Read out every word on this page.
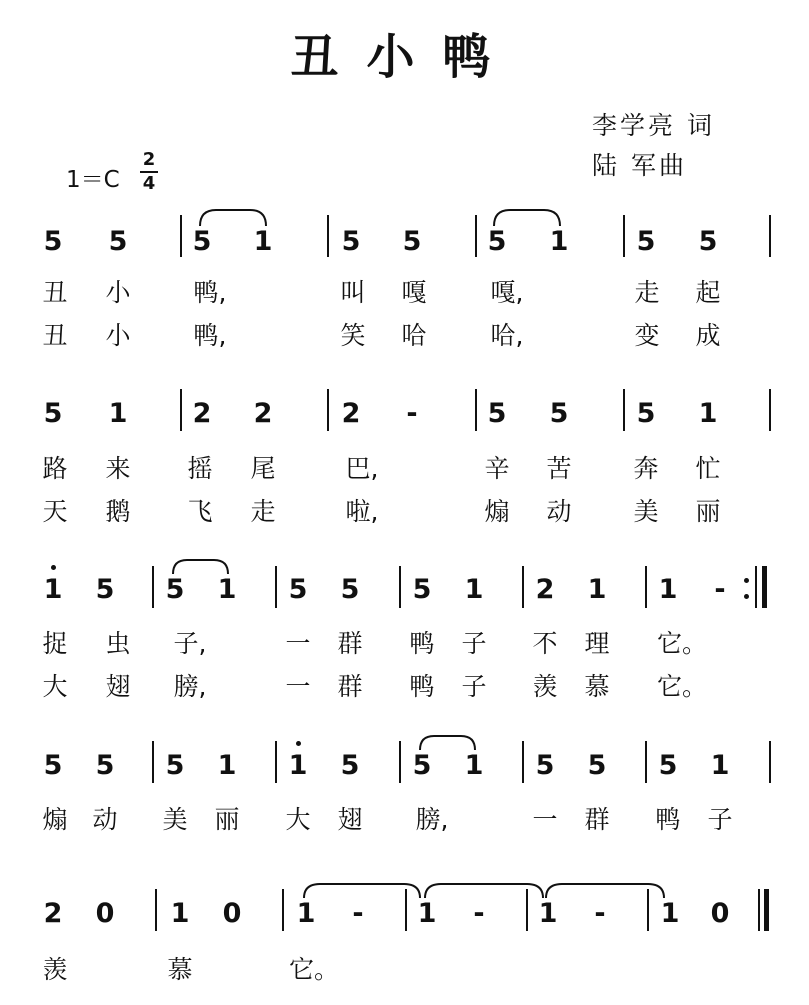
丑小鸭
李学亮 词
陆 军曲
1＝C
2
4
5 5 5 1	5 5 5 1	5 5
丑 小	鸭,	叫 嘎	嘎,	走 起
丑 小	鸭,	笑 哈	哈,	变 成
5 1 2 2	2 -	5 5	5 1
路 来 摇 尾	巴,	辛 苦 奔 忙
天 鹅 飞 走	啦,	煽 动 美 丽
1 5 5 1 5 5 5 1 2 1 1 -
捉 虫 子,	一 群 鸭 子 不 理 它。
大 翅 膀,	一 群 鸭 子 羡 慕 它。
5 5 5 1 1 5 5 1 5 5 5 1
煽 动 美 丽 大 翅 膀,	一 群 鸭 子
2 0 1 0 1 - 1 - 1 - 1 0
羡	慕	它。
